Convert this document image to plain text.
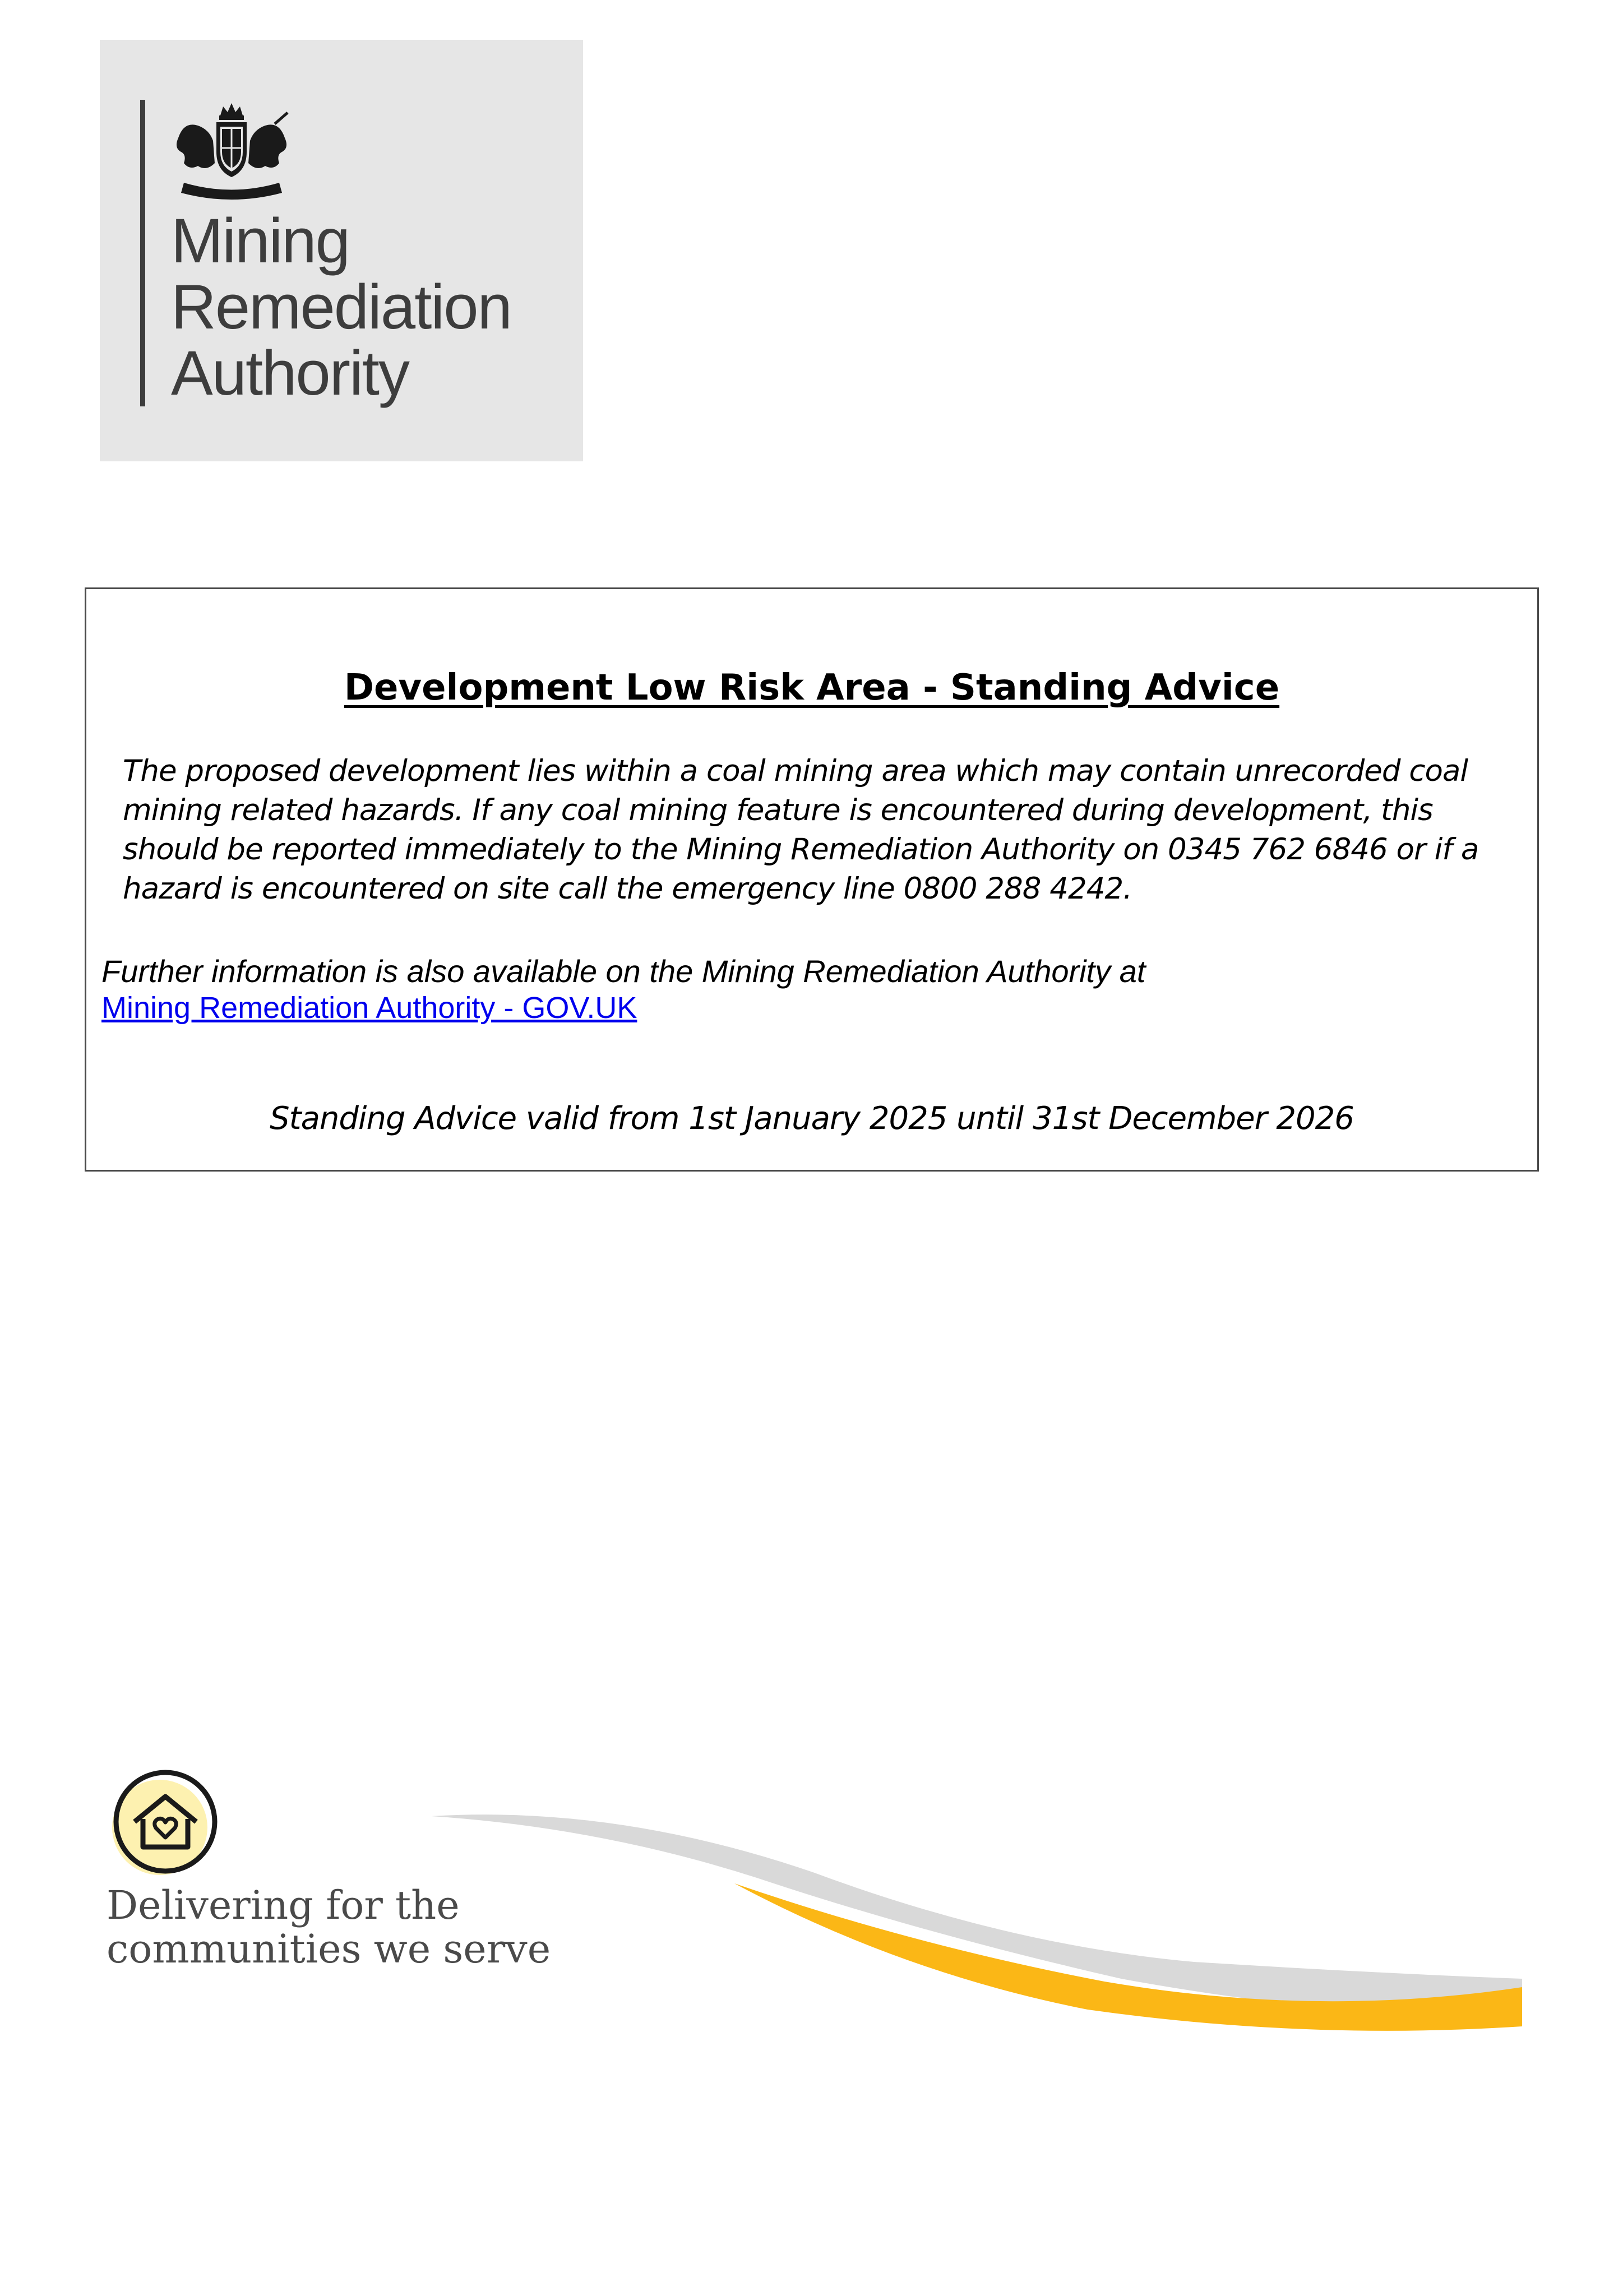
Mining
Remediation
Authority
Development Low Risk Area - Standing Advice
The proposed development lies within a coal mining area which may contain unrecorded coal mining related hazards. If any coal mining feature is encountered during development, this should be reported immediately to the Mining Remediation Authority on 0345 762 6846 or if a hazard is encountered on site call the emergency line 0800 288 4242.
Further information is also available on the Mining Remediation Authority at
Mining Remediation Authority - GOV.UK
Standing Advice valid from 1st January 2025 until 31st December 2026
Delivering for the
communities we serve
